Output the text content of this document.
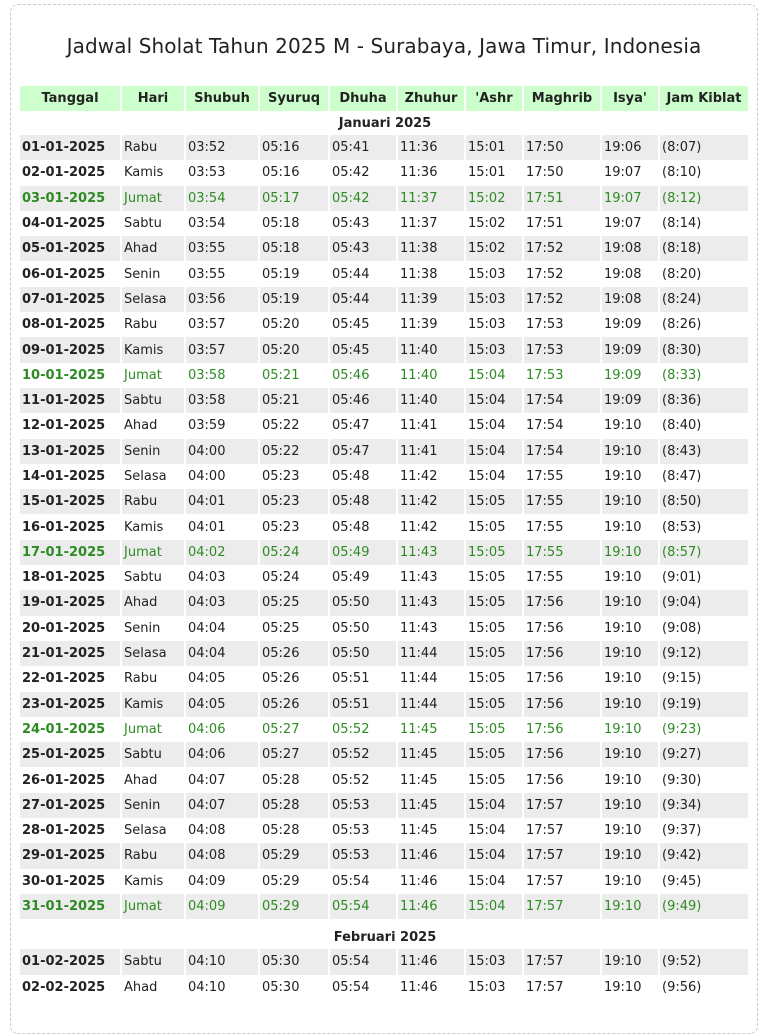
Jadwal Sholat Tahun 2025 M - Surabaya, Jawa Timur, Indonesia
Tanggal	Hari	Shubuh	Syuruq	Dhuha	Zhuhur	'Ashr	Maghrib	Isya'	Jam Kiblat
Januari 2025									
01-01-2025	Rabu	03:52	05:16	05:41	11:36	15:01	17:50	19:06	(8:07)
02-01-2025	Kamis	03:53	05:16	05:42	11:36	15:01	17:50	19:07	(8:10)
03-01-2025	Jumat	03:54	05:17	05:42	11:37	15:02	17:51	19:07	(8:12)
04-01-2025	Sabtu	03:54	05:18	05:43	11:37	15:02	17:51	19:07	(8:14)
05-01-2025	Ahad	03:55	05:18	05:43	11:38	15:02	17:52	19:08	(8:18)
06-01-2025	Senin	03:55	05:19	05:44	11:38	15:03	17:52	19:08	(8:20)
07-01-2025	Selasa	03:56	05:19	05:44	11:39	15:03	17:52	19:08	(8:24)
08-01-2025	Rabu	03:57	05:20	05:45	11:39	15:03	17:53	19:09	(8:26)
09-01-2025	Kamis	03:57	05:20	05:45	11:40	15:03	17:53	19:09	(8:30)
10-01-2025	Jumat	03:58	05:21	05:46	11:40	15:04	17:53	19:09	(8:33)
11-01-2025	Sabtu	03:58	05:21	05:46	11:40	15:04	17:54	19:09	(8:36)
12-01-2025	Ahad	03:59	05:22	05:47	11:41	15:04	17:54	19:10	(8:40)
13-01-2025	Senin	04:00	05:22	05:47	11:41	15:04	17:54	19:10	(8:43)
14-01-2025	Selasa	04:00	05:23	05:48	11:42	15:04	17:55	19:10	(8:47)
15-01-2025	Rabu	04:01	05:23	05:48	11:42	15:05	17:55	19:10	(8:50)
16-01-2025	Kamis	04:01	05:23	05:48	11:42	15:05	17:55	19:10	(8:53)
17-01-2025	Jumat	04:02	05:24	05:49	11:43	15:05	17:55	19:10	(8:57)
18-01-2025	Sabtu	04:03	05:24	05:49	11:43	15:05	17:55	19:10	(9:01)
19-01-2025	Ahad	04:03	05:25	05:50	11:43	15:05	17:56	19:10	(9:04)
20-01-2025	Senin	04:04	05:25	05:50	11:43	15:05	17:56	19:10	(9:08)
21-01-2025	Selasa	04:04	05:26	05:50	11:44	15:05	17:56	19:10	(9:12)
22-01-2025	Rabu	04:05	05:26	05:51	11:44	15:05	17:56	19:10	(9:15)
23-01-2025	Kamis	04:05	05:26	05:51	11:44	15:05	17:56	19:10	(9:19)
24-01-2025	Jumat	04:06	05:27	05:52	11:45	15:05	17:56	19:10	(9:23)
25-01-2025	Sabtu	04:06	05:27	05:52	11:45	15:05	17:56	19:10	(9:27)
26-01-2025	Ahad	04:07	05:28	05:52	11:45	15:05	17:56	19:10	(9:30)
27-01-2025	Senin	04:07	05:28	05:53	11:45	15:04	17:57	19:10	(9:34)
28-01-2025	Selasa	04:08	05:28	05:53	11:45	15:04	17:57	19:10	(9:37)
29-01-2025	Rabu	04:08	05:29	05:53	11:46	15:04	17:57	19:10	(9:42)
30-01-2025	Kamis	04:09	05:29	05:54	11:46	15:04	17:57	19:10	(9:45)
31-01-2025	Jumat	04:09	05:29	05:54	11:46	15:04	17:57	19:10	(9:49)

Februari 2025									
01-02-2025	Sabtu	04:10	05:30	05:54	11:46	15:03	17:57	19:10	(9:52)
02-02-2025	Ahad	04:10	05:30	05:54	11:46	15:03	17:57	19:10	(9:56)
